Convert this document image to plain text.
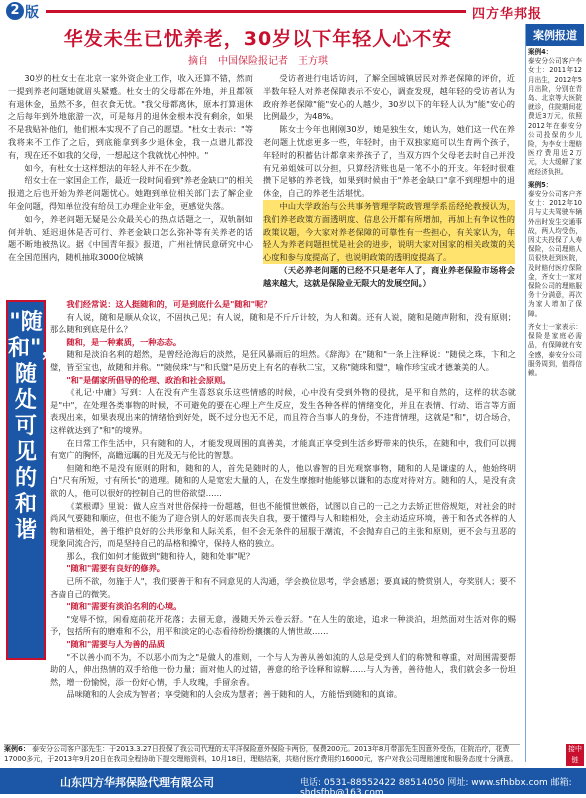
2 版	四方华邦报
华发未生已忧养老，30岁以下年轻人心不安
摘自　中国保险报记者　王方琪

30岁的杜女士在北京一家外资企业工作，收入还算不错，然而一提到养老问题她就眉头紧蹙。杜女士的父母都在外地，并且都领有退休金，虽然不多，但衣食无忧。"我父母都离休，原本打算退休之后每年到外地旅游一次，可是每月的退休金根本没有剩余，如果不是我贴补他们，他们根本实现不了自己的愿望。"杜女士表示："等我将来不工作了之后，到底能拿到多少退休金，我一点谱儿都没有，现在还不如我的父母，一想起这个我就忧心忡忡。"

如今，有杜女士这样想法的年轻人并不在少数。

绍女士在一家国企工作，最近一段时间看到"养老金缺口"的相关报道之后也开始为养老问题忧心。她跑到单位相关部门去了解企业年金问题，得知单位没有给员工办理企业年金，更感觉失落。

如今，养老问题无疑是公众最关心的热点话题之一，双轨制如何并轨、延迟退休是否可行、养老金缺口怎么弥补等有关养老的话题不断地被热议。据《中国青年报》报道，广州社情民意研究中心在全国范围内，随机抽取3000位城镇

受访者进行电话访问，了解全国城镇居民对养老保障的评价，近半数年轻人对养老保障表示不安心，调查发现，越年轻的受访者认为政府养老保障"能"安心的人越少，30岁以下的年轻人认为"能"安心的比例最少，为48%。

陈女士今年也刚刚30岁，她是独生女，她认为，她们这一代在养老问题上忧虑更多一些，年轻时，由于双独家庭可以生育两个孩子，年轻时的积蓄估计都拿来养孩子了，当双方四个父母老去时自己并没有兄弟姐妹可以分担，只算经济账也是一笔不小的开支。年轻时很难攒下足够的养老钱，如果到时候由于"养老金缺口"拿不到理想中的退休金，自己的养老生活堪忧。

中山大学政治与公共事务管理学院政管理学系岳经纶教授认为，我们养老政策方面透明度、信息公开都有所增加，再加上有争议性的政策议题，今大家对养老保障的可靠性有一些担心，有关家认为，年轻人为养老问题担忧是社会的进步，说明大家对国家的相关政策的关心度和参与度提高了，也说明政策的透明度提高了。

（天必养老问题的已经不只是老年人了，商业养老保险市场将会越来越大，这就是保险业无限大的发展空间。）

"随和"，随处可见的和谐

我们经常说：这人挺随和的，可是到底什么是"随和"呢？

有人说，随和是顺从众议，不固执己见；有人说，随和是不斤斤计较，为人和蔼。还有人说，随和是随声附和，没有原则；那么随和到底是什么？

随和，是一种素质，一种态态。

随和是淡泊名利的超然，是曾经沧海后的淡然，是狂风暴雨后的坦然。《辞海》在"随和"一条上注释说："随侯之珠，卞和之璧，皆至宝也，故随和并称。""随侯珠"与"和氏璧"是历史上有名的春秋二宝，又称"随珠和璧"，喻作珍宝或才德兼美的人。

"和"是儒家所倡导的伦理、政治和社会原则。

《礼记·中庸》写到：人在没有产生喜怒哀乐这些情感的时候，心中没有受到外物的侵扰，是平和自然的，这样的状态就是"中"，在处理各类事物的时候，不可避免的要在心理上产生反应，发生各种各样的情绪变化，并且在表情、行动、语言等方面表现出来，如果表现出来的情绪恰到好处，既不过分也无不足，而且符合当事人的身份，不违背情理，这就是"和"，切合场合，这样就达到了"和"的境界。

在日常工作生活中，只有随和的人，才能发现周围的真善美，才能真正享受到生活乡野带来的快乐，在随和中，我们可以拥有宽广的胸怀，高瞻远瞩的目光及无与伦比的智慧。

但随和绝不是没有原则的附和，随和的人，首先是随时的人，他以睿智的目光观察事物，随和的人是谦虚的人，他始终明白"尺有所短，寸有所长"的道理。随和的人是宽宏大量的人，在发生摩擦时他能够以谦和的态度对待对方。随和的人，是没有贪欲的人，他可以很好的控制自己的世俗欲望……

《菜根谭》里说：做人应当对世俗保持一份超越，但也不能惯世嫉俗，试图以自己的一己之力去矫正世俗规矩，对社会的时尚风气要随和顺应，但也不能为了迎合别人的好恶而丧失自我，要于懂得与人和睦相处，会主动适应环境，善于和各式各样的人物和谐相处，善于维护良好的公共形象和人际关系，但不会无条件的屈服于潮流，不会抛弃自己的主张和原则，更不会与丑恶的现象同流合污，而是坚持自己的品格和操守，保持人格的独立。

那么，我们如何才能做到"随和待人，随和处事"呢？

"随和"需要有良好的修养。

已所不欲，勿施于人"，我们要善于和有不同意见的人沟通，学会换位思考，学会感恩；要真诚的赞赏别人，夸奖别人；要不吝啬自己的微笑。

"随和"需要有淡泊名利的心境。

"宠辱不惊，闲看庭前花开花落；去留无意，漫随天外云卷云舒。"在人生的旅途，追求一种淡泊，坦然面对生活对你的赐予，包括所有的磨难和不公，用平和淡定的心态看待纷纷攘攘的人情世故……

"随和"需要与人为善的品质

"不以善小而不为，不以恶小而为之"是做人的准则，一个与人为善从善如流的人总是受到人们的称赞和尊重，对周围需要帮助的人，伸出热情的双手给他一份力量；面对他人的过错，善意的给予诠释和谅解……与人为善，善待他人，我们就会多一份坦然，增一份愉悦，添一份好心情，手人玫瑰，手留余香。

品味随和的人会成为智者；享受随和的人会成为慧者；善于随和的人，方能悟到随和的真谛。

案例报道
案例4：
泰安分公司客户李女士：2011年12月出生，2012年5月出险，分别在青岛、北京等大医院就诊，住院期间花费近3万元，依照2012年在泰安分公司投保的少儿险，为李女士理赔医疗费用近2万元，大大缓解了家庭经济负担。
案例5：
泰安分公司客户齐女士：2012年10月与丈夫驾驶车辆外出时发生交通事故，两人均受伤，因丈夫投保了人寿保险，公司理赔人员很快赶到医院，及时赔付医疗保险金，齐女士一家对保险公司的理赔服务十分满意，再次为家人增加了保障。
齐女士一家表示：保险是家庭必需品，有保障就有安全感，泰安分公司服务周到，值得信赖。
案例6： 泰安分公司客户邵先生：于2013.3.27日投保了我公司代理的太平洋保险意外保险卡两份，保费200元。2013年8月带邵先生因意外受伤，住院治疗，花费17000多元，于2013年9月20日在我司全程协助下提交理赔资料，10月18日，理赔结案，共赔付医疗费用约16000元，客户对我公司理赔速度和服务态度十分满意。
接中链
山东四方华邦保险代理有限公司	电话: 0531-88552422 88514050 网址: www.sfhbbx.com 邮箱: shdsfhb@163.com
